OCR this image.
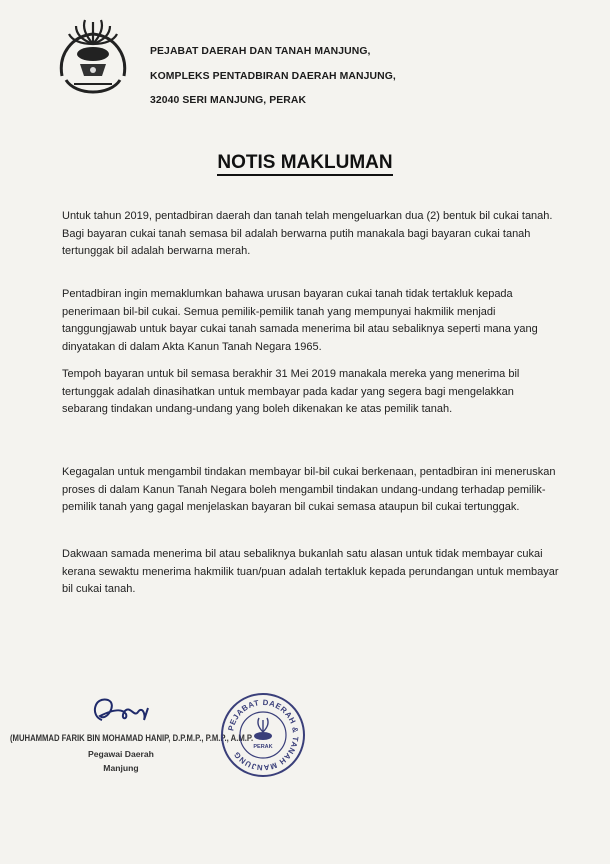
PEJABAT DAERAH DAN TANAH MANJUNG,
KOMPLEKS PENTADBIRAN DAERAH MANJUNG,
32040 SERI MANJUNG, PERAK
NOTIS MAKLUMAN

Untuk tahun 2019, pentadbiran daerah dan tanah telah mengeluarkan dua (2) bentuk bil cukai tanah. Bagi bayaran cukai tanah semasa bil adalah berwarna putih manakala bagi bayaran cukai tanah tertunggak bil adalah berwarna merah.

Pentadbiran ingin memaklumkan bahawa urusan bayaran cukai tanah tidak tertakluk kepada penerimaan bil-bil cukai. Semua pemilik-pemilik tanah yang mempunyai hakmilik menjadi tanggungjawab untuk bayar cukai tanah samada menerima bil atau sebaliknya seperti mana yang dinyatakan di dalam Akta Kanun Tanah Negara 1965.

Tempoh bayaran untuk bil semasa berakhir 31 Mei 2019 manakala mereka yang menerima bil tertunggak adalah dinasihatkan untuk membayar pada kadar yang segera bagi mengelakkan sebarang tindakan undang-undang yang boleh dikenakan ke atas pemilik tanah.

Kegagalan untuk mengambil tindakan membayar bil-bil cukai berkenaan, pentadbiran ini meneruskan proses di dalam Kanun Tanah Negara boleh mengambil tindakan undang-undang terhadap pemilik-pemilik tanah yang gagal menjelaskan bayaran bil cukai semasa ataupun bil cukai tertunggak.

Dakwaan samada menerima bil atau sebaliknya bukanlah satu alasan untuk tidak membayar cukai kerana sewaktu menerima hakmilik tuan/puan adalah tertakluk kepada perundangan untuk membayar bil cukai tanah.

(MUHAMMAD FARIK BIN MOHAMAD HANIP, D.P.M.P., P.M.P., A.M.P.
Pegawai Daerah
Manjung
PEJABAT DAERAH & TANAH MANJUNG
PERAK
